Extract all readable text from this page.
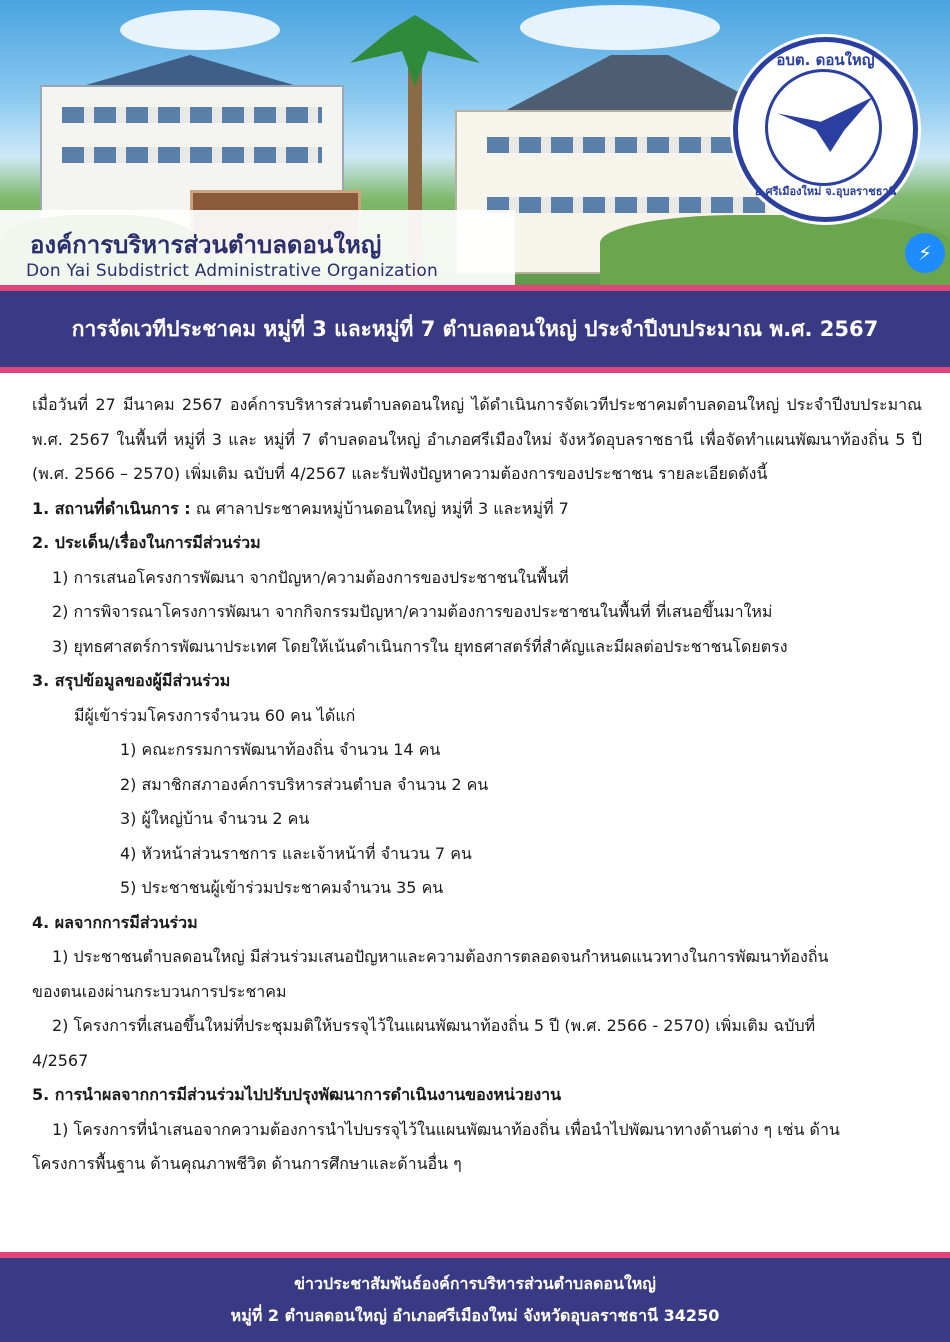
องค์การบริหารส่วนตำบลดอนใหญ่
Don Yai Subdistrict Administrative Organization
อบต. ดอนใหญ่
อ.ศรีเมืองใหม่ จ.อุบลราชธานี
⚡
การจัดเวทีประชาคม หมู่ที่ 3 และหมู่ที่ 7 ตำบลดอนใหญ่ ประจำปีงบประมาณ พ.ศ. 2567

เมื่อวันที่ 27 มีนาคม 2567 องค์การบริหารส่วนตำบลดอนใหญ่ ได้ดำเนินการจัดเวทีประชาคมตำบลดอนใหญ่ ประจำปีงบประมาณ พ.ศ. 2567 ในพื้นที่ หมู่ที่ 3 และ หมู่ที่ 7 ตำบลดอนใหญ่ อำเภอศรีเมืองใหม่ จังหวัดอุบลราชธานี เพื่อจัดทำแผนพัฒนาท้องถิ่น 5 ปี (พ.ศ. 2566 – 2570) เพิ่มเติม ฉบับที่ 4/2567 และรับฟังปัญหาความต้องการของประชาชน รายละเอียดดังนี้

1. สถานที่ดำเนินการ : ณ ศาลาประชาคมหมู่บ้านดอนใหญ่ หมู่ที่ 3 และหมู่ที่ 7

2. ประเด็น/เรื่องในการมีส่วนร่วม

1) การเสนอโครงการพัฒนา จากปัญหา/ความต้องการของประชาชนในพื้นที่

2) การพิจารณาโครงการพัฒนา จากกิจกรรมปัญหา/ความต้องการของประชาชนในพื้นที่ ที่เสนอขึ้นมาใหม่

3) ยุทธศาสตร์การพัฒนาประเทศ โดยให้เน้นดำเนินการใน ยุทธศาสตร์ที่สำคัญและมีผลต่อประชาชนโดยตรง

3. สรุปข้อมูลของผู้มีส่วนร่วม

มีผู้เข้าร่วมโครงการจำนวน 60 คน ได้แก่

1) คณะกรรมการพัฒนาท้องถิ่น จำนวน 14 คน

2) สมาชิกสภาองค์การบริหารส่วนตำบล จำนวน 2 คน

3) ผู้ใหญ่บ้าน จำนวน 2 คน

4) หัวหน้าส่วนราชการ และเจ้าหน้าที่ จำนวน 7 คน

5) ประชาชนผู้เข้าร่วมประชาคมจำนวน 35 คน

4. ผลจากการมีส่วนร่วม

1) ประชาชนตำบลดอนใหญ่ มีส่วนร่วมเสนอปัญหาและความต้องการตลอดจนกำหนดแนวทางในการพัฒนาท้องถิ่น

ของตนเองผ่านกระบวนการประชาคม

2) โครงการที่เสนอขึ้นใหม่ที่ประชุมมติให้บรรจุไว้ในแผนพัฒนาท้องถิ่น 5 ปี (พ.ศ. 2566 - 2570) เพิ่มเติม ฉบับที่

4/2567

5. การนำผลจากการมีส่วนร่วมไปปรับปรุงพัฒนาการดำเนินงานของหน่วยงาน

1) โครงการที่นำเสนอจากความต้องการนำไปบรรจุไว้ในแผนพัฒนาท้องถิ่น เพื่อนำไปพัฒนาทางด้านต่าง ๆ เช่น ด้าน

โครงการพื้นฐาน ด้านคุณภาพชีวิต ด้านการศึกษาและด้านอื่น ๆ

ข่าวประชาสัมพันธ์องค์การบริหารส่วนตำบลดอนใหญ่
หมู่ที่ 2 ตำบลดอนใหญ่ อำเภอศรีเมืองใหม่ จังหวัดอุบลราชธานี 34250
